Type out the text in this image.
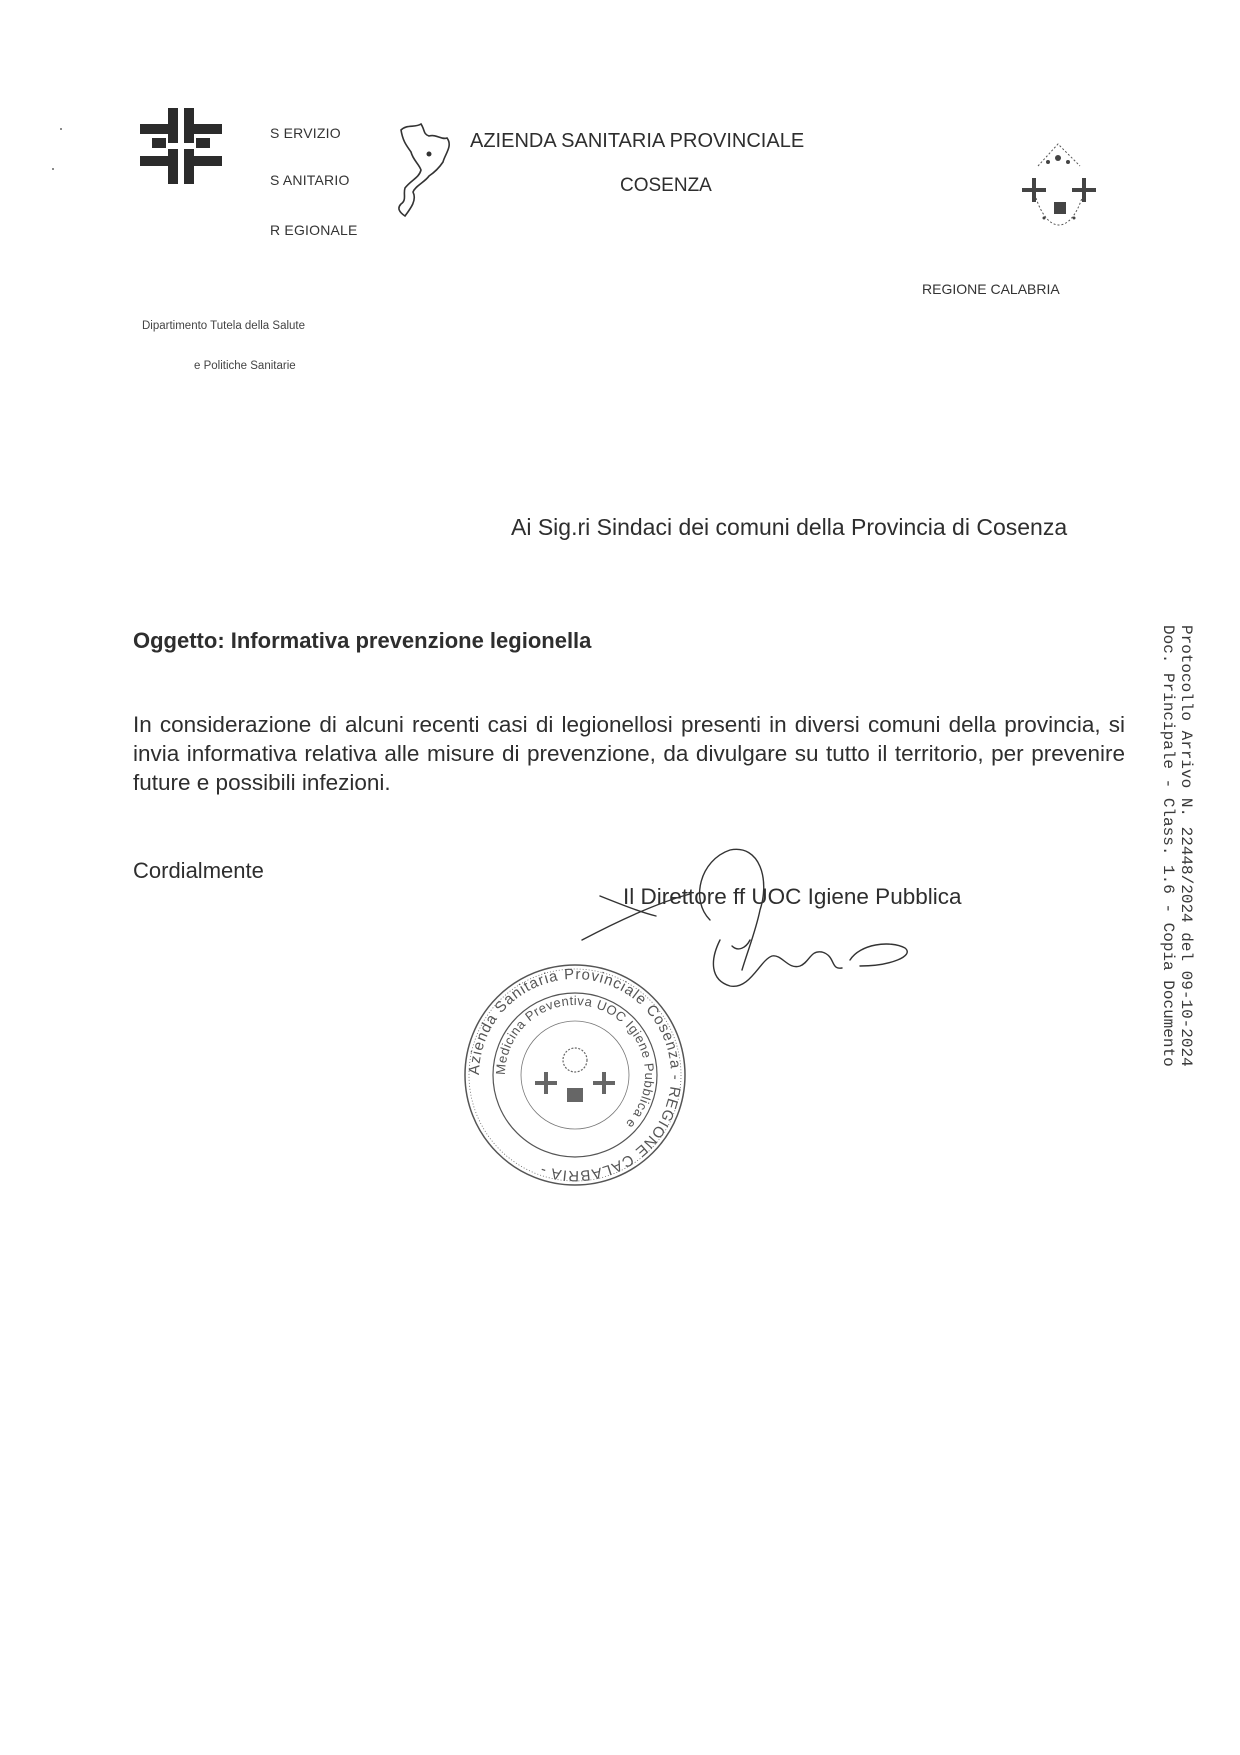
S ERVIZIO
S ANITARIO
R EGIONALE
AZIENDA SANITARIA PROVINCIALE
COSENZA
REGIONE CALABRIA
Dipartimento Tutela della Salute
e Politiche Sanitarie
Ai Sig.ri Sindaci dei comuni della Provincia di Cosenza
Oggetto: Informativa prevenzione legionella
In considerazione di alcuni recenti casi di legionellosi presenti in diversi comuni della provincia, si invia informativa relativa alle misure di prevenzione, da divulgare su tutto il territorio, per prevenire future e possibili infezioni.
Cordialmente
Il Direttore ff UOC Igiene Pubblica
Azienda Sanitaria Provinciale Cosenza - REGIONE CALABRIA -
Medicina Preventiva UOC Igiene Pubblica e
Protocollo Arrivo N. 22448/2024 del 09-10-2024
Doc. Principale - Class. 1.6 - Copia Documento
